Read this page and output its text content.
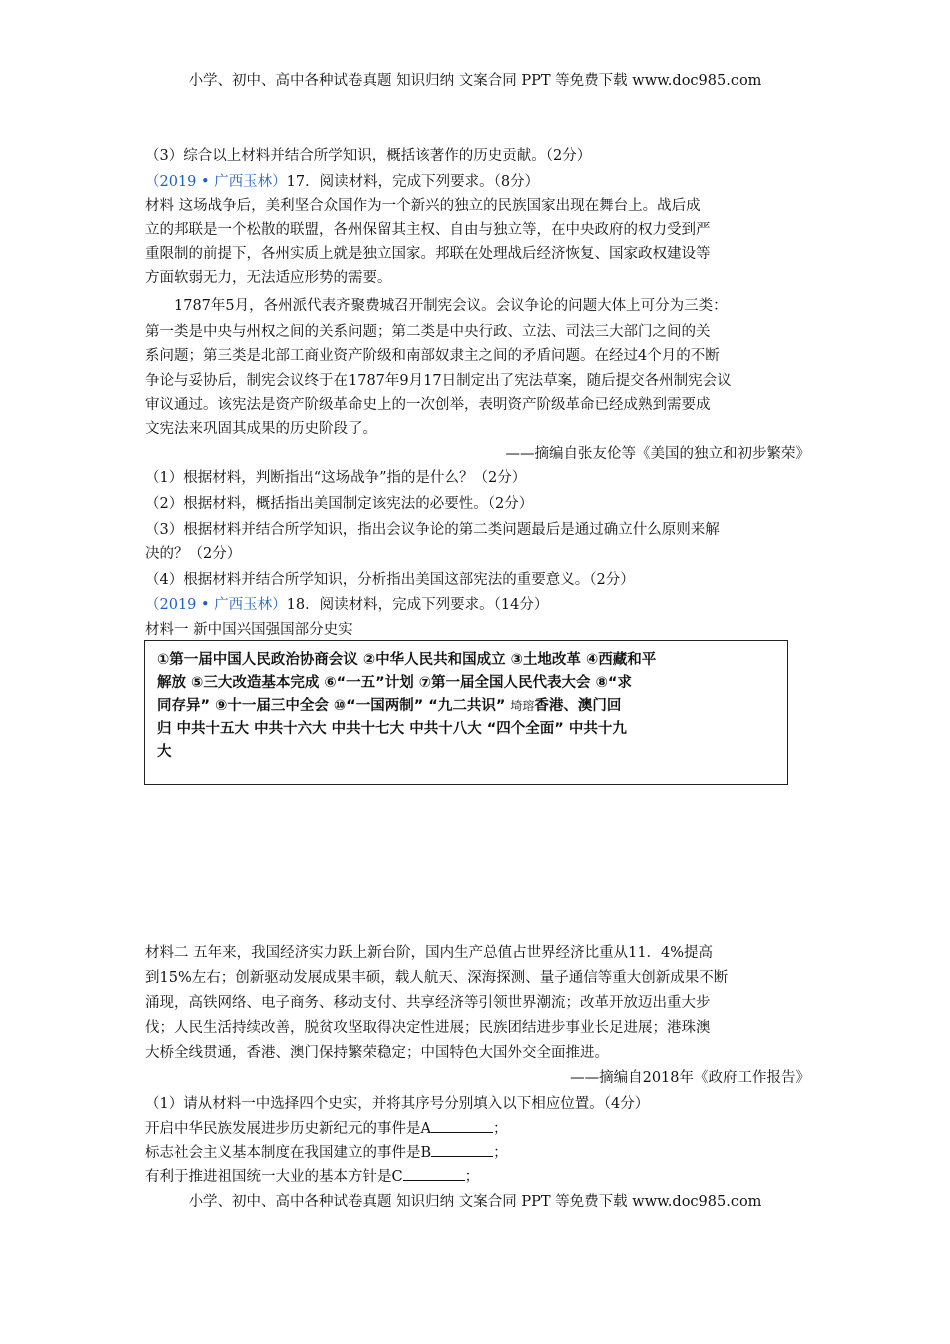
小学、初中、高中各种试卷真题 知识归纳 文案合同 PPT 等免费下载 www.doc985.com
（3）综合以上材料并结合所学知识，概括该著作的历史贡献。（2分）
（2019 • 广西玉林）17．阅读材料，完成下列要求。（8分）
材料 这场战争后，美利坚合众国作为一个新兴的独立的民族国家出现在舞台上。战后成
立的邦联是一个松散的联盟，各州保留其主权、自由与独立等，在中央政府的权力受到严
重限制的前提下，各州实质上就是独立国家。邦联在处理战后经济恢复、国家政权建设等
方面软弱无力，无法适应形势的需要。
1787年5月，各州派代表齐聚费城召开制宪会议。会议争论的问题大体上可分为三类：
第一类是中央与州权之间的关系问题；第二类是中央行政、立法、司法三大部门之间的关
系问题；第三类是北部工商业资产阶级和南部奴隶主之间的矛盾问题。在经过4个月的不断
争论与妥协后，制宪会议终于在1787年9月17日制定出了宪法草案，随后提交各州制宪会议
审议通过。该宪法是资产阶级革命史上的一次创举，表明资产阶级革命已经成熟到需要成
文宪法来巩固其成果的历史阶段了。
——摘编自张友伦等《美国的独立和初步繁荣》
（1）根据材料，判断指出“这场战争”指的是什么？（2分）
（2）根据材料，概括指出美国制定该宪法的必要性。（2分）
（3）根据材料并结合所学知识，指出会议争论的第二类问题最后是通过确立什么原则来解
决的？（2分）
（4）根据材料并结合所学知识，分析指出美国这部宪法的重要意义。（2分）
（2019 • 广西玉林）18．阅读材料，完成下列要求。（14分）
材料一 新中国兴国强国部分史实
①第一届中国人民政治协商会议 ②中华人民共和国成立 ③土地改革 ④西藏和平
解放 ⑤三大改造基本完成 ⑥“一五”计划 ⑦第一届全国人民代表大会 ⑧“求
同存异” ⑨十一届三中全会 ⑩“一国两制” “九二共识” 埼瑢香港、澳门回
归 中共十五大 中共十六大 中共十七大 中共十八大 “四个全面” 中共十九
大
材料二 五年来，我国经济实力跃上新台阶，国内生产总值占世界经济比重从11．4%提高
到15%左右；创新驱动发展成果丰硕，载人航天、深海探测、量子通信等重大创新成果不断
涌现，高铁网络、电子商务、移动支付、共享经济等引领世界潮流；改革开放迈出重大步
伐；人民生活持续改善，脱贫攻坚取得决定性进展；民族团结进步事业长足进展；港珠澳
大桥全线贯通，香港、澳门保持繁荣稳定；中国特色大国外交全面推进。
——摘编自2018年《政府工作报告》
（1）请从材料一中选择四个史实，并将其序号分别填入以下相应位置。（4分）
开启中华民族发展进步历史新纪元的事件是A	；
标志社会主义基本制度在我国建立的事件是B	；
有利于推进祖国统一大业的基本方针是C	；
小学、初中、高中各种试卷真题 知识归纳 文案合同 PPT 等免费下载 www.doc985.com
